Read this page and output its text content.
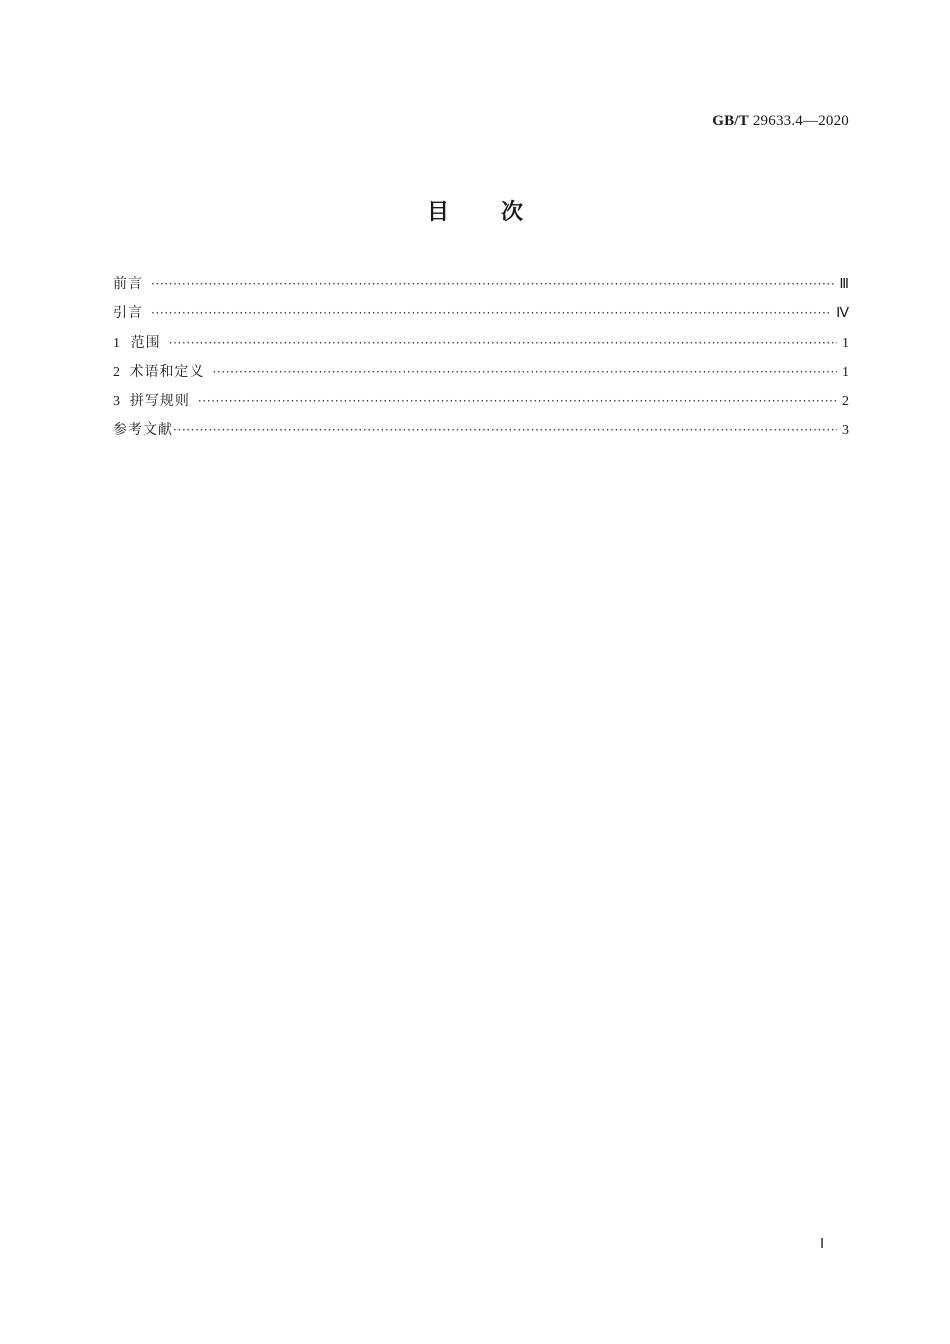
GB/T 29633.4—2020
目 次
前言 ·····	Ⅲ
引言 ·····	Ⅳ
1 范围 ·····	1
2 术语和定义 ·····	1
3 拼写规则 ·····	2
参考文献 ·····	3
Ⅰ
